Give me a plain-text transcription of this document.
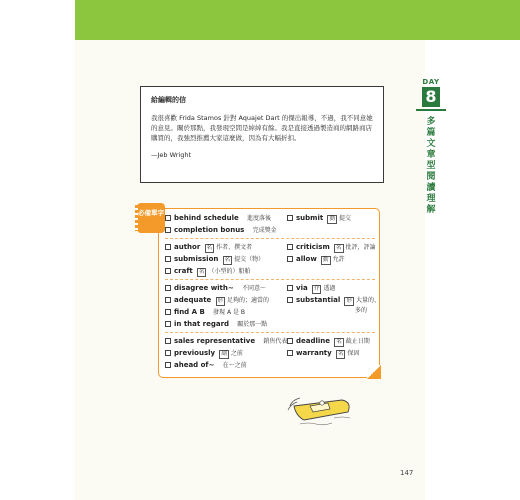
DAY
8
多篇文章型閱讀理解
給編輯的信
我很喜歡 Frida Stamos 針對 Aquajet Dart 的傑出報導，不過，我不同意她的意見。關於那點，我發現空間是綽綽有餘。我是直接透過製造商的網路商店購買的，我強烈推薦大家這麼做，因為有大幅折扣。
—Jeb Wright
behind schedule 進度落後
completion bonus 完成獎金
submit 動 提交
author 名 作者、撰文者
submission 名 提交（物）
craft 名 （小型的）船舶
criticism 名 批評，評論
allow 動 允許
disagree with~ 不同意～
adequate 形 足夠的；適當的
find A B 發現 A 是 B
in that regard 關於那一點
via 介 透過
substantial 形 大量的、
多的
sales representative 銷售代表
previously 副 之前
ahead of~ 在～之前
deadline 名 截止日期
warranty 名 保固
必備單字
147
